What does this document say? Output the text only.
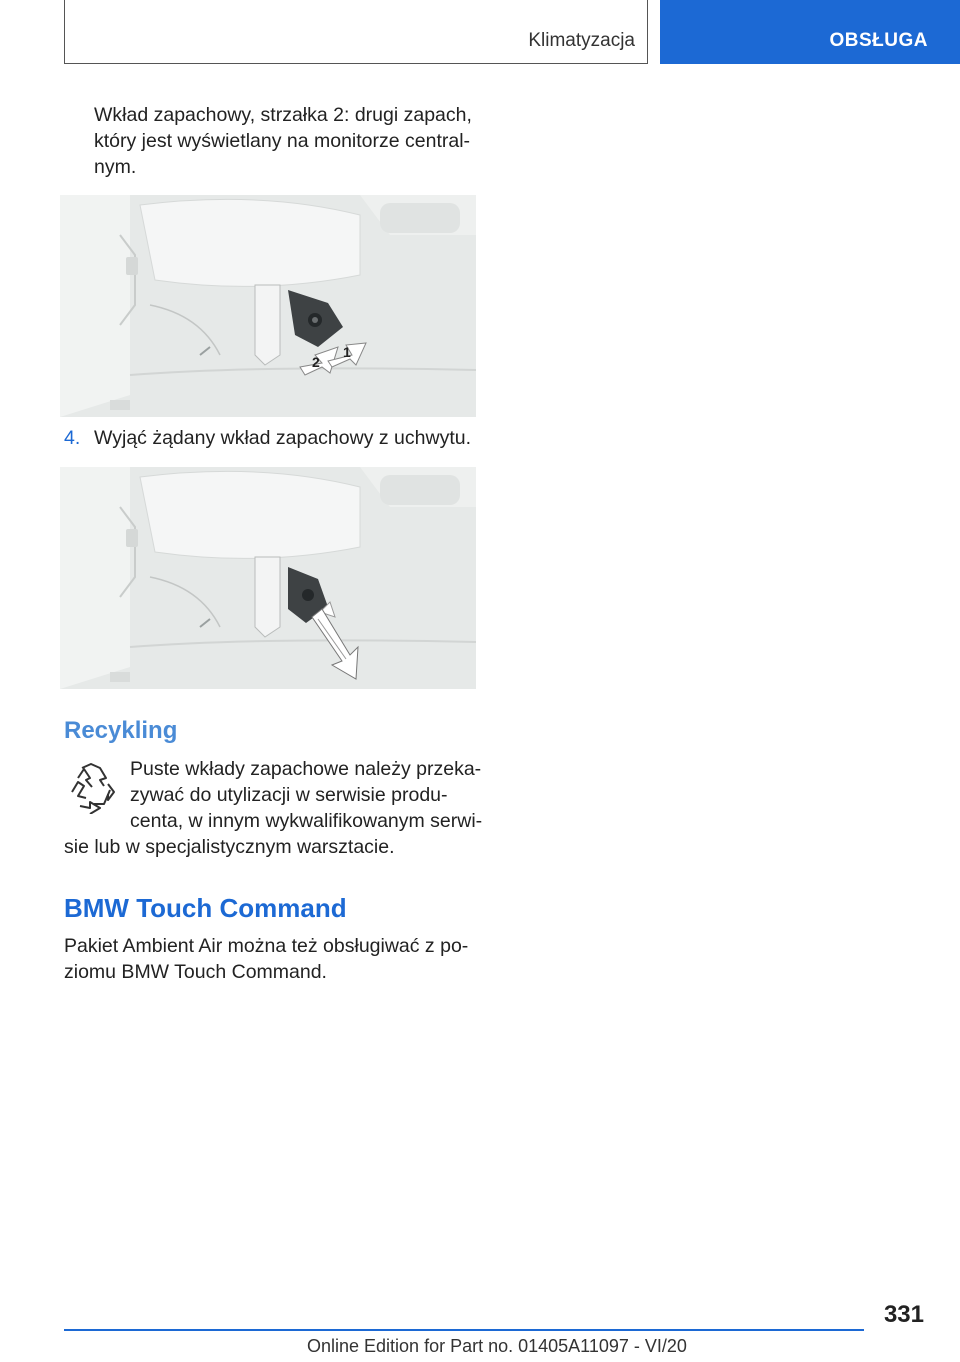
Klimatyzacja	OBSŁUGA

Wkład zapachowy, strzałka 2: drugi zapach,
który jest wyświetlany na monitorze central‐
nym.

2
1
4. Wyjąć żądany wkład zapachowy z uchwytu.
Recykling

Puste wkłady zapachowe należy przeka‐
zywać do utylizacji w serwisie produ‐
centa, w innym wykwalifikowanym serwi‐

sie lub w specjalistycznym warsztacie.

BMW Touch Command

Pakiet Ambient Air można też obsługiwać z po‐
ziomu BMW Touch Command.

331
Online Edition for Part no. 01405A11097 - VI/20
